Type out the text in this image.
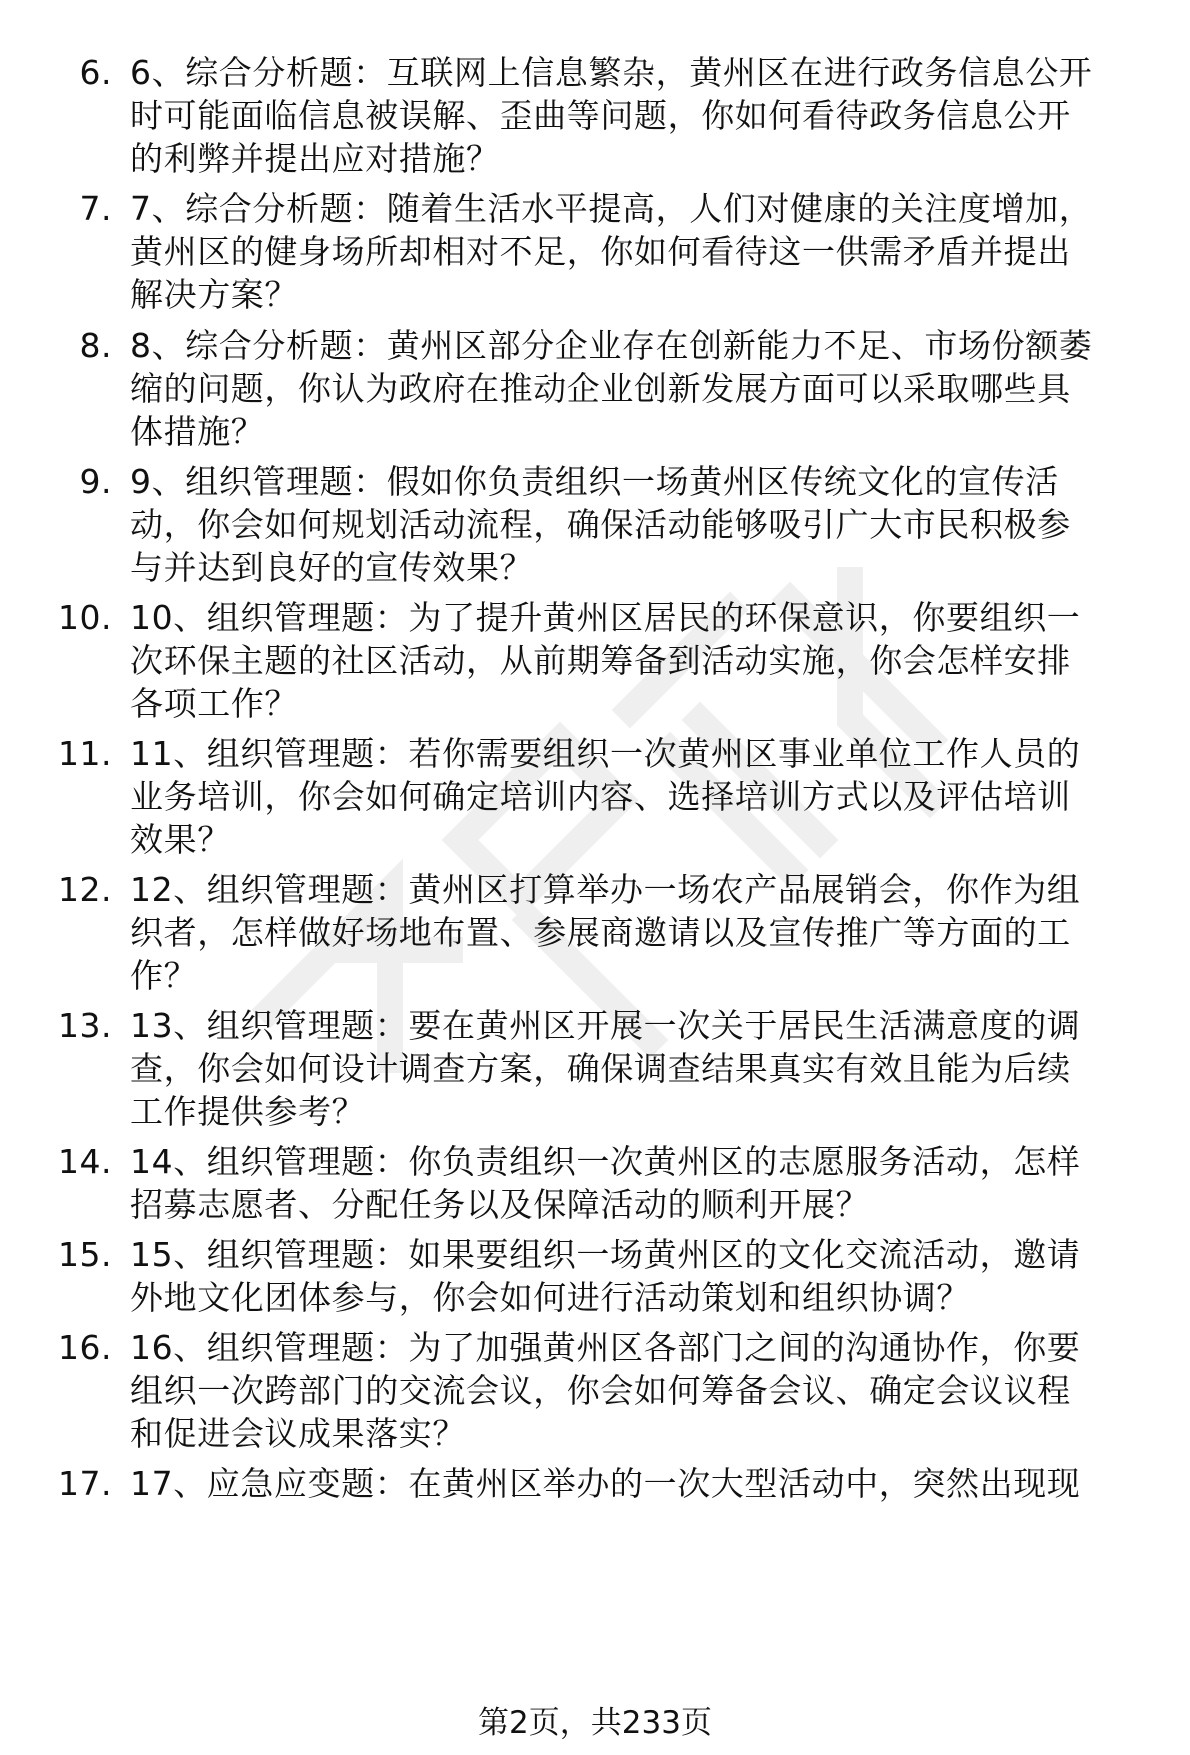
6. 6、综合分析题：互联网上信息繁杂，黄州区在进行政务信息公开
时可能面临信息被误解、歪曲等问题，你如何看待政务信息公开
的利弊并提出应对措施？
7. 7、综合分析题：随着生活水平提高，人们对健康的关注度增加，
黄州区的健身场所却相对不足，你如何看待这一供需矛盾并提出
解决方案？
8. 8、综合分析题：黄州区部分企业存在创新能力不足、市场份额萎
缩的问题，你认为政府在推动企业创新发展方面可以采取哪些具
体措施？
9. 9、组织管理题：假如你负责组织一场黄州区传统文化的宣传活
动，你会如何规划活动流程，确保活动能够吸引广大市民积极参
与并达到良好的宣传效果？
10. 10、组织管理题：为了提升黄州区居民的环保意识，你要组织一
次环保主题的社区活动，从前期筹备到活动实施，你会怎样安排
各项工作？
11. 11、组织管理题：若你需要组织一次黄州区事业单位工作人员的
业务培训，你会如何确定培训内容、选择培训方式以及评估培训
效果？
12. 12、组织管理题：黄州区打算举办一场农产品展销会，你作为组
织者，怎样做好场地布置、参展商邀请以及宣传推广等方面的工
作？
13. 13、组织管理题：要在黄州区开展一次关于居民生活满意度的调
查，你会如何设计调查方案，确保调查结果真实有效且能为后续
工作提供参考？
14. 14、组织管理题：你负责组织一次黄州区的志愿服务活动，怎样
招募志愿者、分配任务以及保障活动的顺利开展？
15. 15、组织管理题：如果要组织一场黄州区的文化交流活动，邀请
外地文化团体参与，你会如何进行活动策划和组织协调？
16. 16、组织管理题：为了加强黄州区各部门之间的沟通协作，你要
组织一次跨部门的交流会议，你会如何筹备会议、确定会议议程
和促进会议成果落实？
17. 17、应急应变题：在黄州区举办的一次大型活动中，突然出现现
第2页，共233页
